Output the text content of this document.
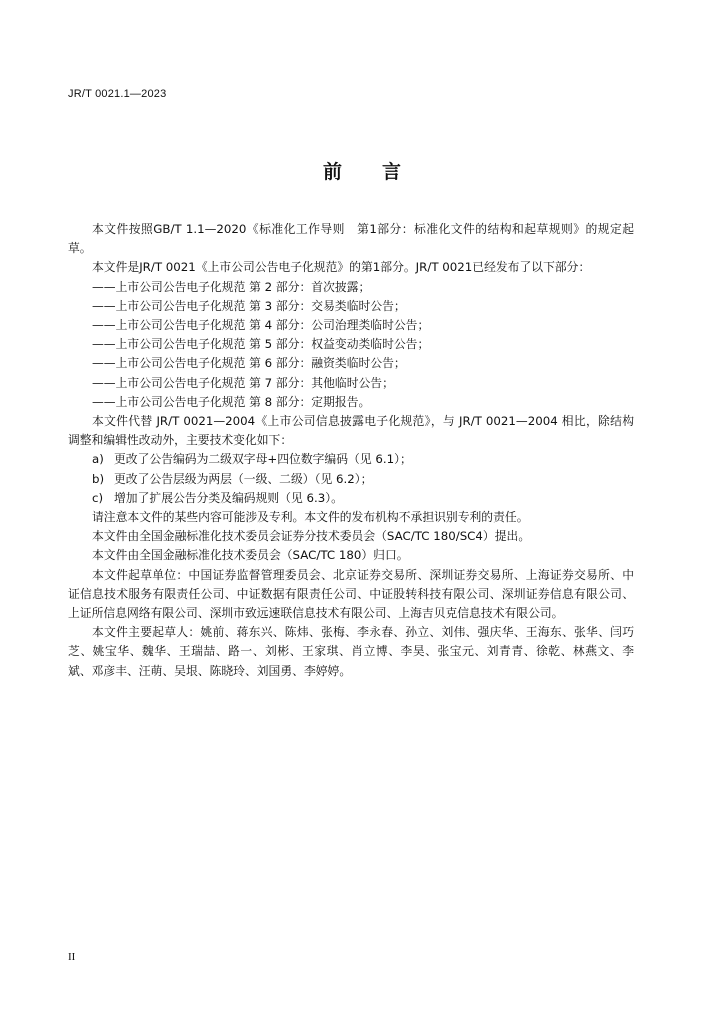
JR/T 0021.1—2023
前 言

本文件按照GB/T 1.1—2020《标准化工作导则　第1部分：标准化文件的结构和起草规则》的规定起草。

本文件是JR/T 0021《上市公司公告电子化规范》的第1部分。JR/T 0021已经发布了以下部分：

——上市公司公告电子化规范 第 2 部分：首次披露；

——上市公司公告电子化规范 第 3 部分：交易类临时公告；

——上市公司公告电子化规范 第 4 部分：公司治理类临时公告；

——上市公司公告电子化规范 第 5 部分：权益变动类临时公告；

——上市公司公告电子化规范 第 6 部分：融资类临时公告；

——上市公司公告电子化规范 第 7 部分：其他临时公告；

——上市公司公告电子化规范 第 8 部分：定期报告。

本文件代替 JR/T 0021—2004《上市公司信息披露电子化规范》，与 JR/T 0021—2004 相比，除结构调整和编辑性改动外，主要技术变化如下：

a) 更改了公告编码为二级双字母+四位数字编码（见 6.1）；

b) 更改了公告层级为两层（一级、二级）（见 6.2）；

c) 增加了扩展公告分类及编码规则（见 6.3）。

请注意本文件的某些内容可能涉及专利。本文件的发布机构不承担识别专利的责任。

本文件由全国金融标准化技术委员会证券分技术委员会（SAC/TC 180/SC4）提出。

本文件由全国金融标准化技术委员会（SAC/TC 180）归口。

本文件起草单位：中国证券监督管理委员会、北京证券交易所、深圳证券交易所、上海证券交易所、中证信息技术服务有限责任公司、中证数据有限责任公司、中证股转科技有限公司、深圳证券信息有限公司、上证所信息网络有限公司、深圳市致远速联信息技术有限公司、上海吉贝克信息技术有限公司。

本文件主要起草人：姚前、蒋东兴、陈炜、张梅、李永春、孙立、刘伟、强庆华、王海东、张华、闫巧芝、姚宝华、魏华、王瑞喆、路一、刘彬、王家琪、肖立博、李昊、张宝元、刘青青、徐乾、林燕文、李斌、邓彦丰、汪萌、吴垠、陈晓玲、刘国勇、李婷婷。

II
